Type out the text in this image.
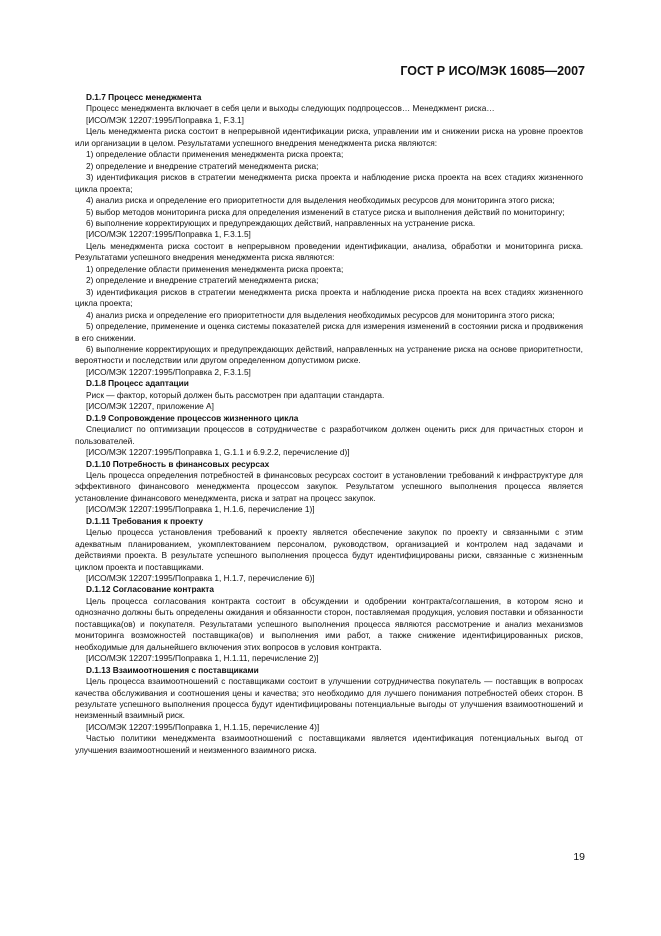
ГОСТ Р ИСО/МЭК 16085—2007

D.1.7 Процесс менеджмента

Процесс менеджмента включает в себя цели и выходы следующих подпроцессов… Менеджмент риска…

[ИСО/МЭК 12207:1995/Поправка 1, F.3.1]

Цель менеджмента риска состоит в непрерывной идентификации риска, управлении им и снижении риска на уровне проектов или организации в целом. Результатами успешного внедрения менеджмента риска являются:

1) определение области применения менеджмента риска проекта;

2) определение и внедрение стратегий менеджмента риска;

3) идентификация рисков в стратегии менеджмента риска проекта и наблюдение риска проекта на всех стадиях жизненного цикла проекта;

4) анализ риска и определение его приоритетности для выделения необходимых ресурсов для мониторинга этого риска;

5) выбор методов мониторинга риска для определения изменений в статусе риска и выполнения действий по мониторингу;

6) выполнение корректирующих и предупреждающих действий, направленных на устранение риска.

[ИСО/МЭК 12207:1995/Поправка 1, F.3.1.5]

Цель менеджмента риска состоит в непрерывном проведении идентификации, анализа, обработки и мониторинга риска. Результатами успешного внедрения менеджмента риска являются:

1) определение области применения менеджмента риска проекта;

2) определение и внедрение стратегий менеджмента риска;

3) идентификация рисков в стратегии менеджмента риска проекта и наблюдение риска проекта на всех стадиях жизненного цикла проекта;

4) анализ риска и определение его приоритетности для выделения необходимых ресурсов для мониторинга этого риска;

5) определение, применение и оценка системы показателей риска для измерения изменений в состоянии риска и продвижения в его снижении.

6) выполнение корректирующих и предупреждающих действий, направленных на устранение риска на основе приоритетности, вероятности и последствии или другом определенном допустимом риске.

[ИСО/МЭК 12207:1995/Поправка 2, F.3.1.5]

D.1.8 Процесс адаптации

Риск — фактор, который должен быть рассмотрен при адаптации стандарта.

[ИСО/МЭК 12207, приложение А]

D.1.9 Сопровождение процессов жизненного цикла

Специалист по оптимизации процессов в сотрудничестве с разработчиком должен оценить риск для причастных сторон и пользователей.

[ИСО/МЭК 12207:1995/Поправка 1, G.1.1 и 6.9.2.2, перечисление d)]

D.1.10 Потребность в финансовых ресурсах

Цель процесса определения потребностей в финансовых ресурсах состоит в установлении требований к инфраструктуре для эффективного финансового менеджмента процессом закупок. Результатом успешного выполнения процесса является установление финансового менеджмента, риска и затрат на процесс закупок.

[ИСО/МЭК 12207:1995/Поправка 1, Н.1.6, перечисление 1)]

D.1.11 Требования к проекту

Целью процесса установления требований к проекту является обеспечение закупок по проекту и связанными с этим адекватным планированием, укомплектованием персоналом, руководством, организацией и контролем над задачами и действиями проекта. В результате успешного выполнения процесса будут идентифицированы риски, связанные с жизненным циклом проекта и поставщиками.

[ИСО/МЭК 12207:1995/Поправка 1, Н.1.7, перечисление 6)]

D.1.12 Согласование контракта

Цель процесса согласования контракта состоит в обсуждении и одобрении контракта/соглашения, в котором ясно и однозначно должны быть определены ожидания и обязанности сторон, поставляемая продукция, условия поставки и обязанности поставщика(ов) и покупателя. Результатами успешного выполнения процесса являются рассмотрение и анализ механизмов мониторинга возможностей поставщика(ов) и выполнения ими работ, а также снижение идентифицированных рисков, необходимые для дальнейшего включения этих вопросов в условия контракта.

[ИСО/МЭК 12207:1995/Поправка 1, Н.1.11, перечисление 2)]

D.1.13 Взаимоотношения с поставщиками

Цель процесса взаимоотношений с поставщиками состоит в улучшении сотрудничества покупатель — поставщик в вопросах качества обслуживания и соотношения цены и качества; это необходимо для лучшего понимания потребностей обеих сторон. В результате успешного выполнения процесса будут идентифицированы потенциальные выгоды от улучшения взаимоотношений и неизменный взаимный риск.

[ИСО/МЭК 12207:1995/Поправка 1, Н.1.15, перечисление 4)]

Частью политики менеджмента взаимоотношений с поставщиками является идентификация потенциальных выгод от улучшения взаимоотношений и неизменного взаимного риска.

19
